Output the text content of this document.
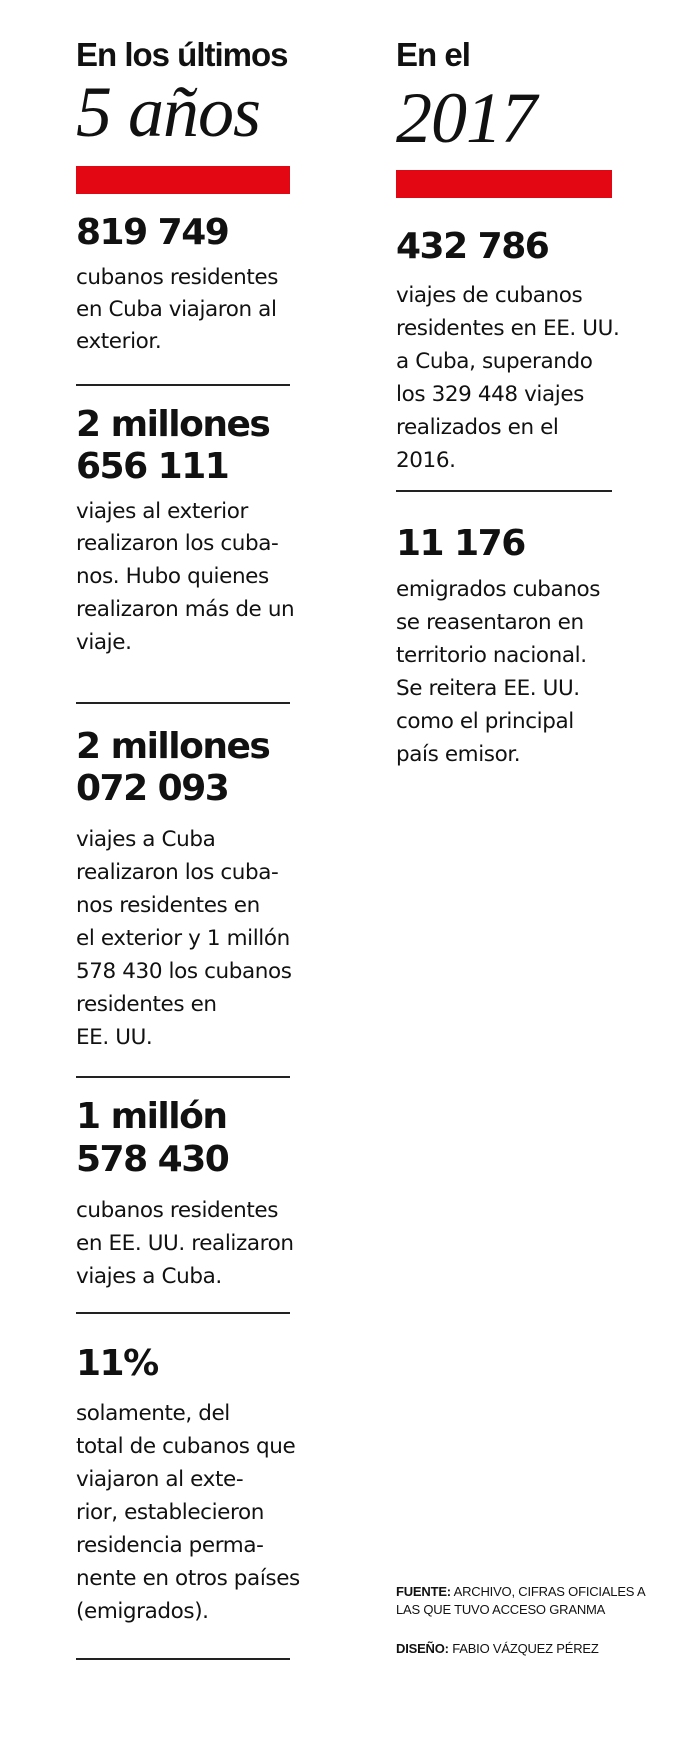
En los últimos
5 años
819 749
cubanos residentes
en Cuba viajaron al
exterior.
2 millones
656 111
viajes al exterior
realizaron los cuba-
nos. Hubo quienes
realizaron más de un
viaje.
2 millones
072 093
viajes a Cuba
realizaron los cuba-
nos residentes en
el exterior y 1 millón
578 430 los cubanos
residentes en
EE. UU.
1 millón
578 430
cubanos residentes
en EE. UU. realizaron
viajes a Cuba.
11%
solamente, del
total de cubanos que
viajaron al exte-
rior, establecieron
residencia perma-
nente en otros países
(emigrados).
En el
2017
432 786
viajes de cubanos
residentes en EE. UU.
a Cuba, superando
los 329 448 viajes
realizados en el
2016.
11 176
emigrados cubanos
se reasentaron en
territorio nacional.
Se reitera EE. UU.
como el principal
país emisor.
FUENTE: ARCHIVO, CIFRAS OFICIALES A
LAS QUE TUVO ACCESO GRANMA
DISEÑO: FABIO VÁZQUEZ PÉREZ
